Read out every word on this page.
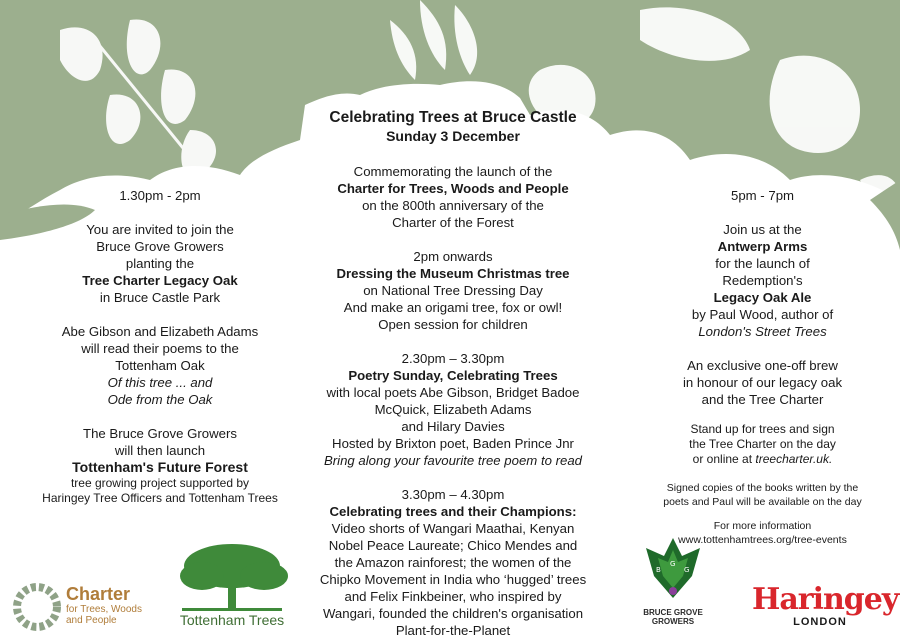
1.30pm - 2pm

You are invited to join the

Bruce Grove Growers

planting the

Tree Charter Legacy Oak

in Bruce Castle Park

Abe Gibson and Elizabeth Adams

will read their poems to the

Tottenham Oak

Of this tree ... and

Ode from the Oak

The Bruce Grove Growers

will then launch

Tottenham's Future Forest

tree growing project supported by

Haringey Tree Officers and Tottenham Trees

Celebrating Trees at Bruce Castle

Sunday 3 December

Commemorating the launch of the

Charter for Trees, Woods and People

on the 800th anniversary of the

Charter of the Forest

2pm onwards

Dressing the Museum Christmas tree

on National Tree Dressing Day

And make an origami tree, fox or owl!

Open session for children

2.30pm – 3.30pm

Poetry Sunday, Celebrating Trees

with local poets Abe Gibson, Bridget Badoe

McQuick, Elizabeth Adams

and Hilary Davies

Hosted by Brixton poet, Baden Prince Jnr

Bring along your favourite tree poem to read

3.30pm – 4.30pm

Celebrating trees and their Champions:

Video shorts of Wangari Maathai, Kenyan

Nobel Peace Laureate; Chico Mendes and

the Amazon rainforest; the women of the

Chipko Movement in India who ‘hugged’ trees

and Felix Finkbeiner, who inspired by

Wangari, founded the children's organisation

Plant-for-the-Planet

5pm - 7pm

Join us at the

Antwerp Arms

for the launch of

Redemption's

Legacy Oak Ale

by Paul Wood, author of

London's Street Trees

An exclusive one-off brew

in honour of our legacy oak

and the Tree Charter

Stand up for trees and sign

the Tree Charter on the day

or online at treecharter.uk.

Signed copies of the books written by the

poets and Paul will be available on the day

For more information

www.tottenhamtrees.org/tree-events

Charter
for Trees, Woods
and People	Tottenham Trees
B
G
G
BRUCE GROVE
GROWERS
Haringey
LONDON
